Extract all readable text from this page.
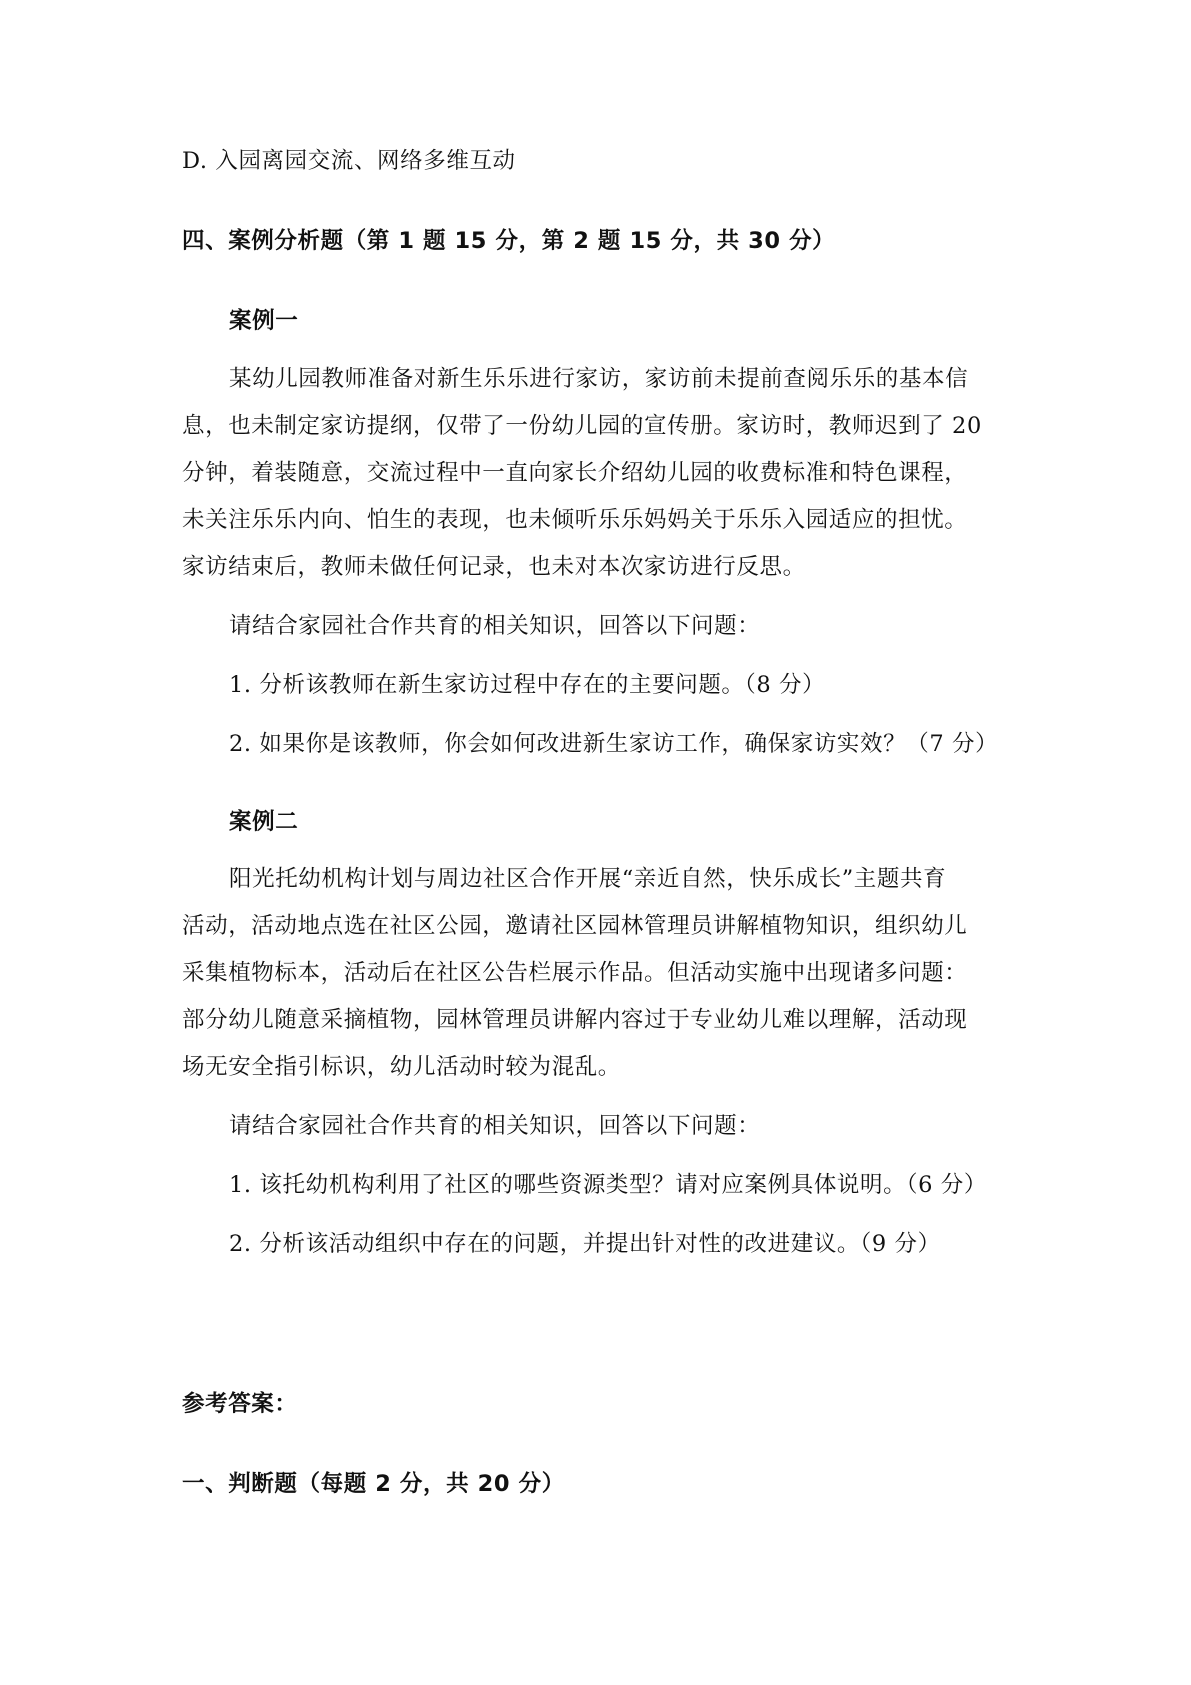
D. 入园离园交流、网络多维互动
四、案例分析题（第 1 题 15 分，第 2 题 15 分，共 30 分）
案例一
某幼儿园教师准备对新生乐乐进行家访，家访前未提前查阅乐乐的基本信
息，也未制定家访提纲，仅带了一份幼儿园的宣传册。家访时，教师迟到了 20
分钟，着装随意，交流过程中一直向家长介绍幼儿园的收费标准和特色课程，
未关注乐乐内向、怕生的表现，也未倾听乐乐妈妈关于乐乐入园适应的担忧。
家访结束后，教师未做任何记录，也未对本次家访进行反思。
请结合家园社合作共育的相关知识，回答以下问题：
1. 分析该教师在新生家访过程中存在的主要问题。（8 分）
2. 如果你是该教师，你会如何改进新生家访工作，确保家访实效？（7 分）
案例二
阳光托幼机构计划与周边社区合作开展“亲近自然，快乐成长”主题共育
活动，活动地点选在社区公园，邀请社区园林管理员讲解植物知识，组织幼儿
采集植物标本，活动后在社区公告栏展示作品。但活动实施中出现诸多问题：
部分幼儿随意采摘植物，园林管理员讲解内容过于专业幼儿难以理解，活动现
场无安全指引标识，幼儿活动时较为混乱。
请结合家园社合作共育的相关知识，回答以下问题：
1. 该托幼机构利用了社区的哪些资源类型？请对应案例具体说明。（6 分）
2. 分析该活动组织中存在的问题，并提出针对性的改进建议。（9 分）
参考答案：
一、判断题（每题 2 分，共 20 分）
